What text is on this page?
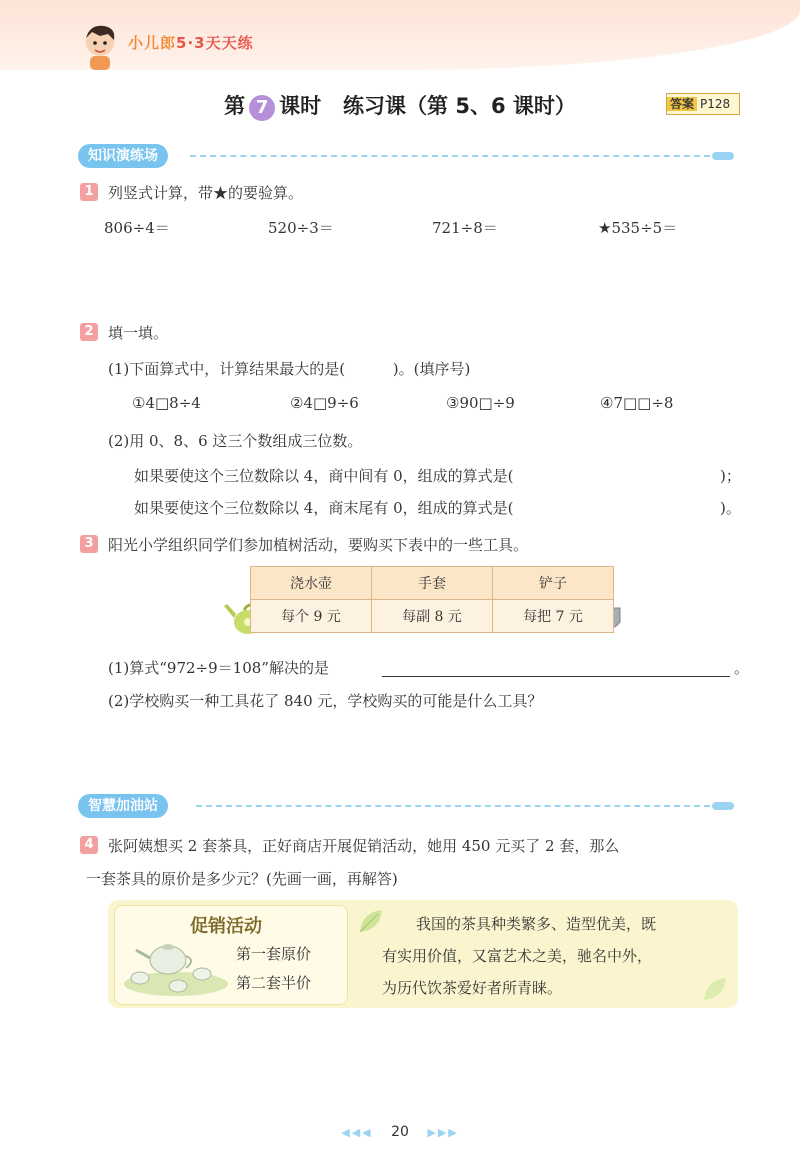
小儿郎5·3天天练
第 7 课时   练习课（第 5、6 课时）	答案 P128
知识演练场
1 列竖式计算，带★的要验算。
806÷4＝	520÷3＝	721÷8＝	★535÷5＝
2 填一填。
(1)下面算式中，计算结果最大的是(          )。(填序号)
①4□8÷4	②4□9÷6	③90□÷9	④7□□÷8
(2)用 0、8、6 这三个数组成三位数。
如果要使这个三位数除以 4，商中间有 0，组成的算式是(	)；
如果要使这个三位数除以 4，商末尾有 0，组成的算式是(	)。
3 阳光小学组织同学们参加植树活动，要购买下表中的一些工具。
浇水壶	手套	铲子
每个 9 元	每副 8 元	每把 7 元
(1)算式“972÷9＝108”解决的是	。
(2)学校购买一种工具花了 840 元，学校购买的可能是什么工具？
智慧加油站
4 张阿姨想买 2 套茶具，正好商店开展促销活动，她用 450 元买了 2 套，那么
一套茶具的原价是多少元？(先画一画，再解答)
促销活动
第一套原价
第二套半价
我国的茶具种类繁多、造型优美，既
有实用价值，又富艺术之美，驰名中外，
为历代饮茶爱好者所青睐。
◀◀◀ 20 ▶▶▶
